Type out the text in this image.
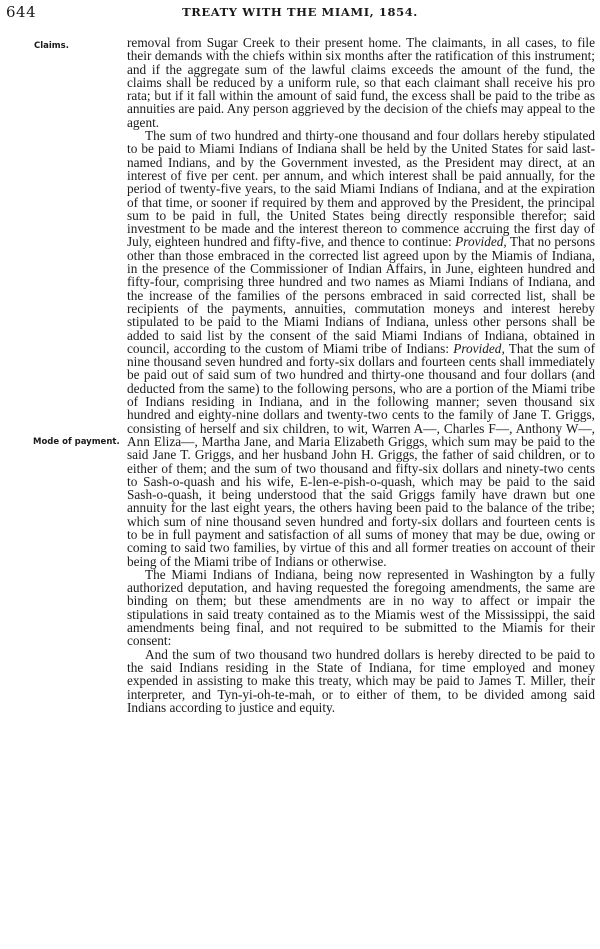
644	TREATY WITH THE MIAMI, 1854.
Claims.
Mode of payment.

removal from Sugar Creek to their present home. The claimants, in all cases, to file their demands with the chiefs within six months after the ratification of this instrument; and if the aggregate sum of the lawful claims exceeds the amount of the fund, the claims shall be reduced by a uniform rule, so that each claimant shall receive his pro rata; but if it fall within the amount of said fund, the excess shall be paid to the tribe as annuities are paid. Any person aggrieved by the decision of the chiefs may appeal to the agent.

The sum of two hundred and thirty-one thousand and four dollars hereby stipulated to be paid to Miami Indians of Indiana shall be held by the United States for said last-named Indians, and by the Government invested, as the President may direct, at an interest of five per cent. per annum, and which interest shall be paid annually, for the period of twenty-five years, to the said Miami Indians of Indiana, and at the expiration of that time, or sooner if required by them and approved by the President, the principal sum to be paid in full, the United States being directly responsible therefor; said investment to be made and the interest thereon to commence accruing the first day of July, eighteen hundred and fifty-five, and thence to continue: Provided, That no persons other than those embraced in the corrected list agreed upon by the Miamis of Indiana, in the presence of the Commissioner of Indian Affairs, in June, eighteen hundred and fifty-four, comprising three hundred and two names as Miami Indians of Indiana, and the increase of the families of the persons embraced in said corrected list, shall be recipients of the payments, annuities, commutation moneys and interest hereby stipulated to be paid to the Miami Indians of Indiana, unless other persons shall be added to said list by the consent of the said Miami Indians of Indiana, obtained in council, according to the custom of Miami tribe of Indians: Provided, That the sum of nine thousand seven hundred and forty-six dollars and fourteen cents shall immediately be paid out of said sum of two hundred and thirty-one thousand and four dollars (and deducted from the same) to the following persons, who are a portion of the Miami tribe of Indians residing in Indiana, and in the following manner; seven thousand six hundred and eighty-nine dollars and twenty-two cents to the family of Jane T. Griggs, consisting of herself and six children, to wit, Warren A—, Charles F—, Anthony W—, Ann Eliza—, Martha Jane, and Maria Elizabeth Griggs, which sum may be paid to the said Jane T. Griggs, and her husband John H. Griggs, the father of said children, or to either of them; and the sum of two thousand and fifty-six dollars and ninety-two cents to Sash-o-quash and his wife, E-len-e-pish-o-quash, which may be paid to the said Sash-o-quash, it being understood that the said Griggs family have drawn but one annuity for the last eight years, the others having been paid to the balance of the tribe; which sum of nine thousand seven hundred and forty-six dollars and fourteen cents is to be in full payment and satisfaction of all sums of money that may be due, owing or coming to said two families, by virtue of this and all former treaties on account of their being of the Miami tribe of Indians or otherwise.

The Miami Indians of Indiana, being now represented in Washington by a fully authorized deputation, and having requested the foregoing amendments, the same are binding on them; but these amendments are in no way to affect or impair the stipulations in said treaty contained as to the Miamis west of the Mississippi, the said amendments being final, and not required to be submitted to the Miamis for their consent:

And the sum of two thousand two hundred dollars is hereby directed to be paid to the said Indians residing in the State of Indiana, for time employed and money expended in assisting to make this treaty, which may be paid to James T. Miller, their interpreter, and Tyn-yi-oh-te-mah, or to either of them, to be divided among said Indians according to justice and equity.
